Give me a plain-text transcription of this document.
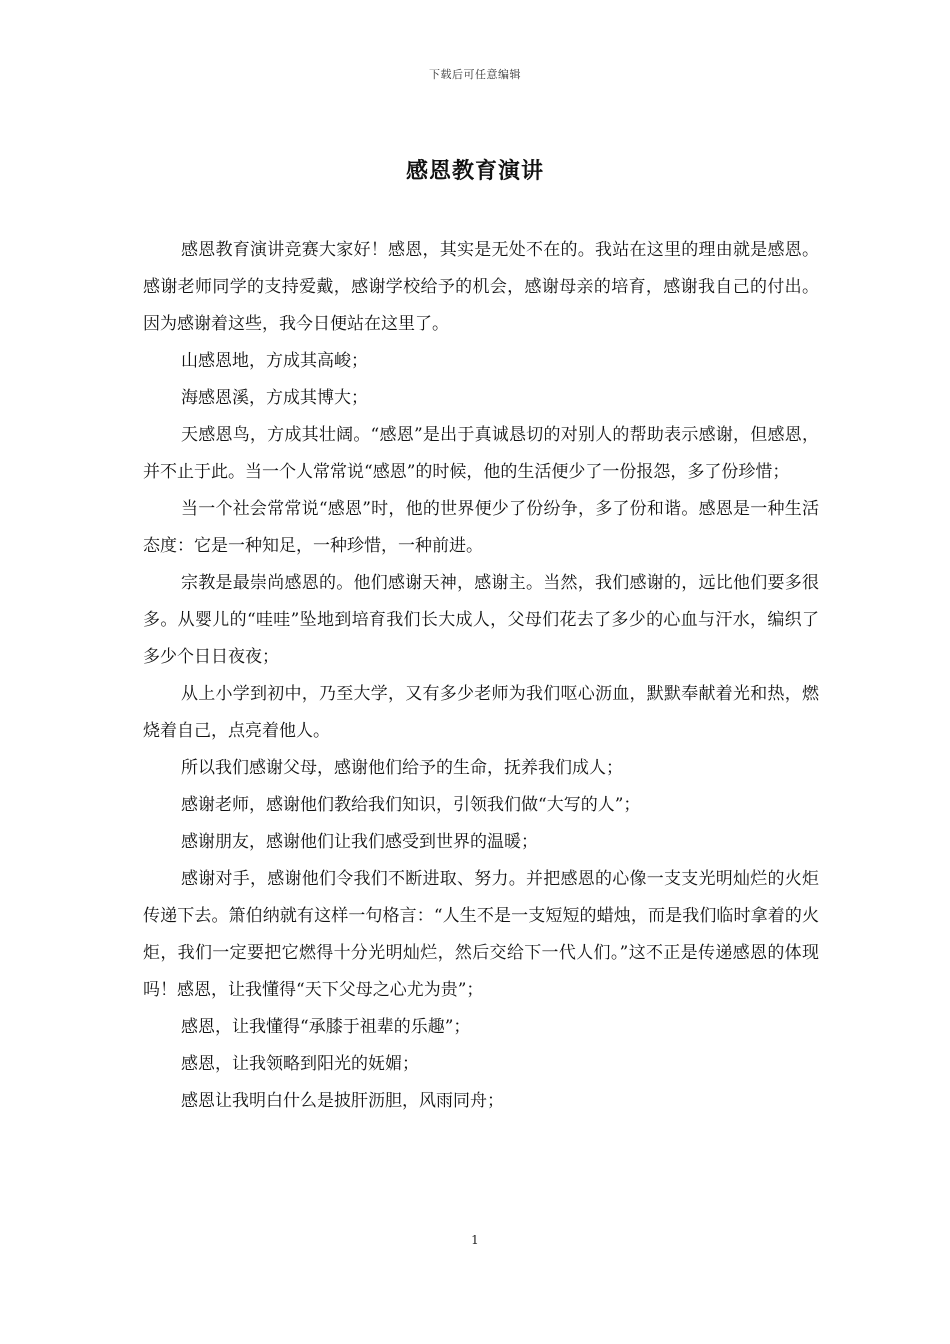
下载后可任意编辑
感恩教育演讲

感恩教育演讲竞赛大家好！感恩，其实是无处不在的。我站在这里的理由就是感恩。感谢老师同学的支持爱戴，感谢学校给予的机会，感谢母亲的培育，感谢我自己的付出。因为感谢着这些，我今日便站在这里了。

山感恩地，方成其高峻；

海感恩溪，方成其博大；

天感恩鸟，方成其壮阔。“感恩”是出于真诚恳切的对别人的帮助表示感谢，但感恩，并不止于此。当一个人常常说“感恩”的时候，他的生活便少了一份报怨，多了份珍惜；

当一个社会常常说“感恩”时，他的世界便少了份纷争，多了份和谐。感恩是一种生活态度：它是一种知足，一种珍惜，一种前进。

宗教是最崇尚感恩的。他们感谢天神，感谢主。当然，我们感谢的，远比他们要多很多。从婴儿的“哇哇”坠地到培育我们长大成人，父母们花去了多少的心血与汗水，编织了多少个日日夜夜；

从上小学到初中，乃至大学，又有多少老师为我们呕心沥血，默默奉献着光和热，燃烧着自己，点亮着他人。

所以我们感谢父母，感谢他们给予的生命，抚养我们成人；

感谢老师，感谢他们教给我们知识，引领我们做“大写的人”；

感谢朋友，感谢他们让我们感受到世界的温暖；

感谢对手，感谢他们令我们不断进取、努力。并把感恩的心像一支支光明灿烂的火炬传递下去。箫伯纳就有这样一句格言：“人生不是一支短短的蜡烛，而是我们临时拿着的火炬，我们一定要把它燃得十分光明灿烂，然后交给下一代人们。”这不正是传递感恩的体现吗！感恩，让我懂得“天下父母之心尤为贵”；

感恩，让我懂得“承膝于祖辈的乐趣”；

感恩，让我领略到阳光的妩媚；

感恩让我明白什么是披肝沥胆，风雨同舟；

1
